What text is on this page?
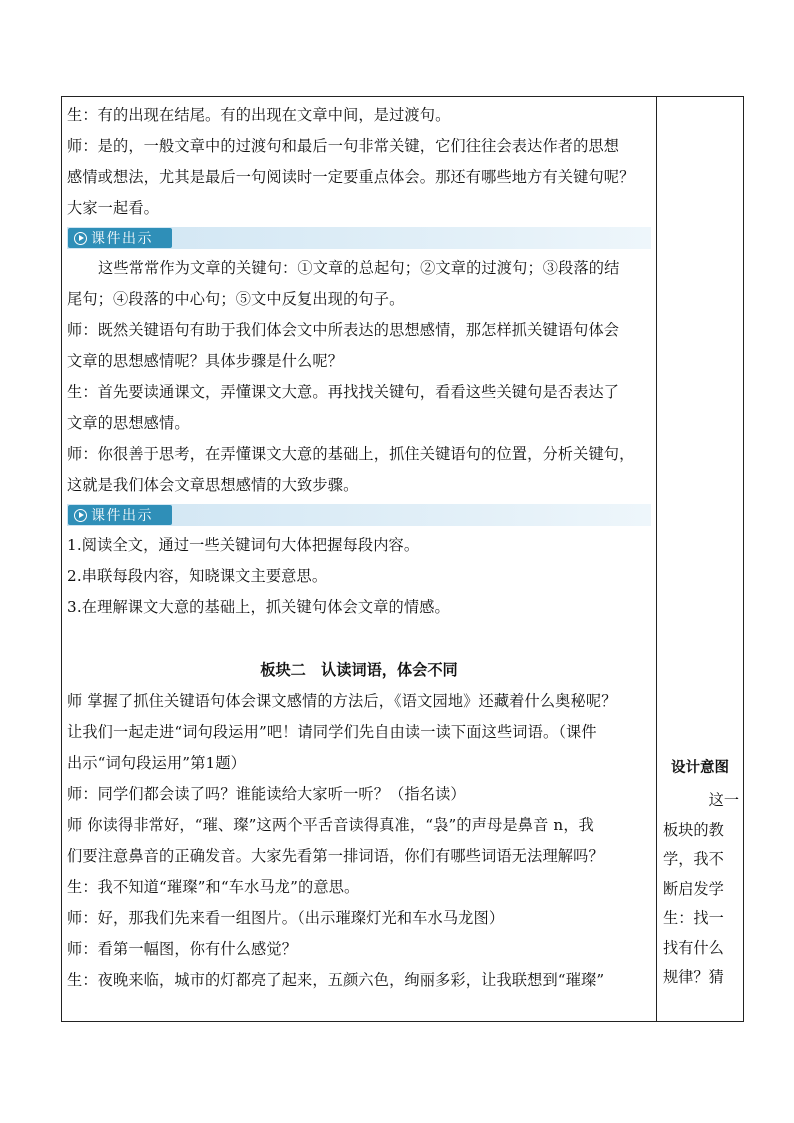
生：有的出现在结尾。有的出现在文章中间，是过渡句。
师：是的，一般文章中的过渡句和最后一句非常关键，它们往往会表达作者的思想
感情或想法，尤其是最后一句阅读时一定要重点体会。那还有哪些地方有关键句呢？
大家一起看。
课件出示
这些常常作为文章的关键句：①文章的总起句；②文章的过渡句；③段落的结
尾句；④段落的中心句；⑤文中反复出现的句子。
师：既然关键语句有助于我们体会文中所表达的思想感情，那怎样抓关键语句体会
文章的思想感情呢？具体步骤是什么呢？
生：首先要读通课文，弄懂课文大意。再找找关键句，看看这些关键句是否表达了
文章的思想感情。
师：你很善于思考，在弄懂课文大意的基础上，抓住关键语句的位置，分析关键句，
这就是我们体会文章思想感情的大致步骤。
课件出示
1.阅读全文，通过一些关键词句大体把握每段内容。
2.串联每段内容，知晓课文主要意思。
3.在理解课文大意的基础上，抓关键句体会文章的情感。
板块二　认读词语，体会不同
师 掌握了抓住关键语句体会课文感情的方法后，《语文园地》还藏着什么奥秘呢？
让我们一起走进“词句段运用”吧！请同学们先自由读一读下面这些词语。（课件
出示“词句段运用”第1题）
师：同学们都会读了吗？谁能读给大家听一听？（指名读）
师 你读得非常好，“璀、璨”这两个平舌音读得真准，“袅”的声母是鼻音 n，我
们要注意鼻音的正确发音。大家先看第一排词语，你们有哪些词语无法理解吗？
生：我不知道“璀璨”和“车水马龙”的意思。
师：好，那我们先来看一组图片。（出示璀璨灯光和车水马龙图）
师：看第一幅图，你有什么感觉？
生：夜晚来临，城市的灯都亮了起来，五颜六色，绚丽多彩，让我联想到“璀璨”
设计意图
这一
板块的教
学，我不
断启发学
生：找一
找有什么
规律？猜
